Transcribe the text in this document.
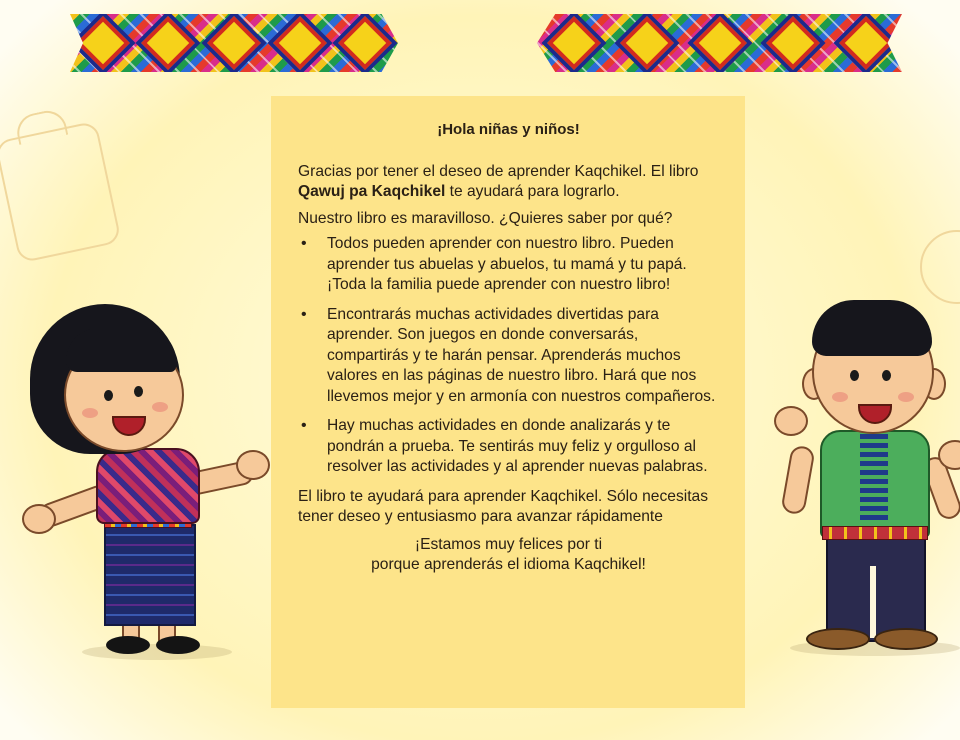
¡Hola niñas y niños!

Gracias por tener el deseo de aprender Kaqchikel. El libro Qawuj pa Kaqchikel te ayudará para lograrlo.

Nuestro libro es maravilloso. ¿Quieres saber por qué?

• Todos pueden aprender con nuestro libro. Pueden aprender tus abuelas y abuelos, tu mamá y tu papá. ¡Toda la familia puede aprender con nuestro libro!
• Encontrarás muchas actividades divertidas para aprender. Son juegos en donde conversarás, compartirás y te harán pensar. Aprenderás muchos valores en las páginas de nuestro libro. Hará que nos llevemos mejor y en armonía con nuestros compañeros.
• Hay muchas actividades en donde analizarás y te pondrán a prueba. Te sentirás muy feliz y orgulloso al resolver las actividades y al aprender nuevas palabras.

El libro te ayudará para aprender Kaqchikel. Sólo necesitas tener deseo y entusiasmo para avanzar rápidamente

¡Estamos muy felices por ti

porque aprenderás el idioma Kaqchikel!
